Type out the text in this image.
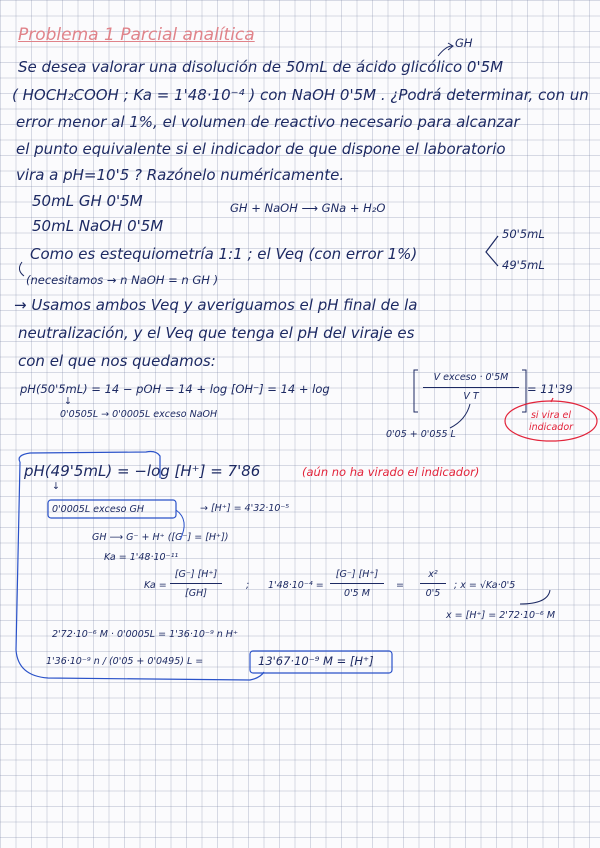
Problema 1 Parcial analítica	GH
Se desea valorar una disolución de 50mL de ácido glicólico 0'5M
( HOCH₂COOH ; Ka = 1'48·10⁻⁴ ) con NaOH 0'5M . ¿Podrá determinar, con un
error menor al 1%, el volumen de reactivo necesario para alcanzar
el punto equivalente si el indicador de que dispone el laboratorio
vira a pH=10'5 ? Razónelo numéricamente.
50mL GH 0'5M	GH + NaOH ⟶ GNa + H₂O
50mL NaOH 0'5M
Como es estequiometría 1:1 ; el Veq (con error 1%)
50'5mL
49'5mL
(necesitamos → n NaOH = n GH )
→ Usamos ambos Veq y averiguamos el pH final de la
neutralización, y el Veq que tenga el pH del viraje es
con el que nos quedamos:
pH(50'5mL) = 14 − pOH = 14 + log [OH⁻] = 14 + log
V exceso · 0'5M
V T
= 11'39
↓
0'0505L → 0'0005L exceso NaOH
0'05 + 0'055 L
si vira el
indicador
pH(49'5mL) = −log [H⁺] = 7'86	(aún no ha virado el indicador)
↓
0'0005L exceso GH	→ [H⁺] = 4'32·10⁻⁵
GH ⟶ G⁻ + H⁺ ([G⁻] = [H⁺])
Ka = 1'48·10⁻¹¹
Ka =
[G⁻] [H⁺]
[GH]
; 1'48·10⁻⁴ =
[G⁻] [H⁺]
0'5 M
=
x²
0'5
; x = √Ka·0'5
x = [H⁺] = 2'72·10⁻⁶ M
2'72·10⁻⁶ M · 0'0005L = 1'36·10⁻⁹ n H⁺
1'36·10⁻⁹ n / (0'05 + 0'0495) L =	13'67·10⁻⁹ M = [H⁺]
